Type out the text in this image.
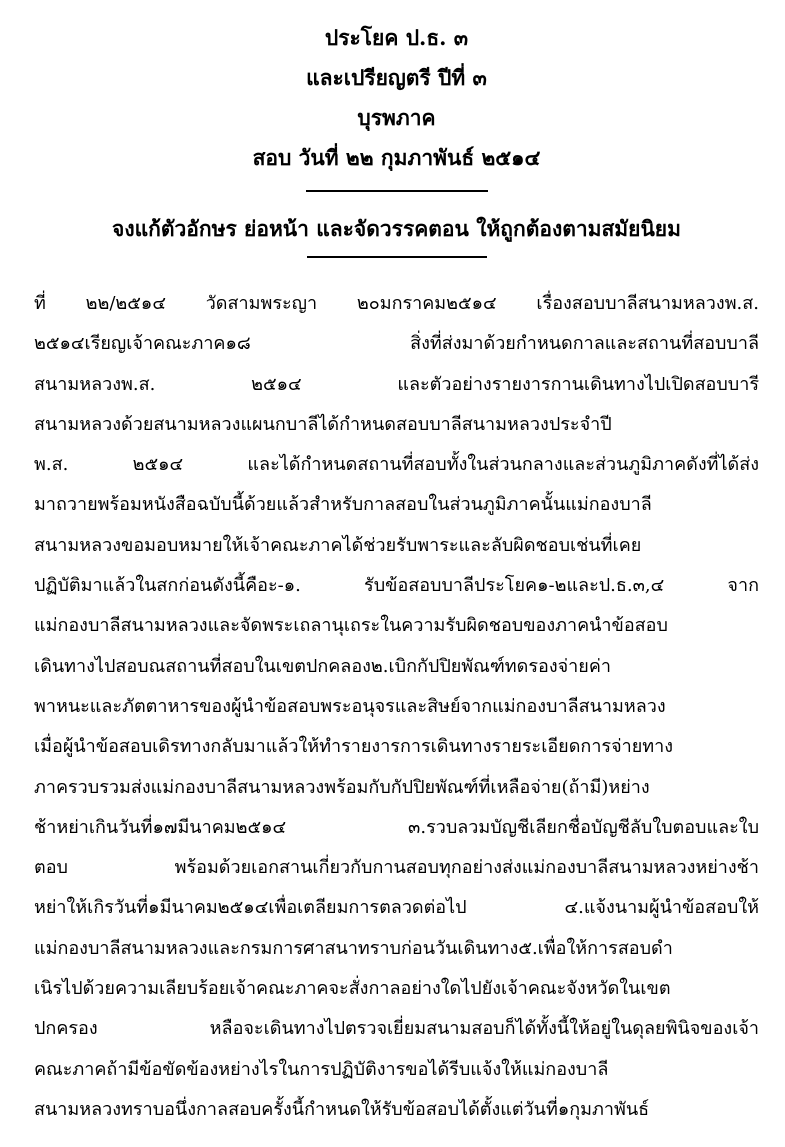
ประโยค ป.ธ. ๓
และเปรียญตรี ปีที่ ๓
บุรพภาค
สอบ วันที่ ๒๒ กุมภาพันธ์ ๒๕๑๔
จงแก้ตัวอักษร ย่อหน้า และจัดวรรคตอน ให้ถูกต้องตามสมัยนิยม
ที่ ๒๒/๒๕๑๔ วัดสามพระญา ๒๐มกราคม๒๕๑๔ เรื่องสอบบาลีสนามหลวงพ.ส.
๒๕๑๔เรียญเจ้าคณะภาค๑๘ สิ่งที่ส่งมาด้วยกำหนดกาลและสถานที่สอบบาลี
สนามหลวงพ.ส. ๒๕๑๔ และตัวอย่างรายงารกานเดินทางไปเปิดสอบบารี
สนามหลวงด้วยสนามหลวงแผนกบาลีได้กำหนดสอบบาลีสนามหลวงประจำปี
พ.ส. ๒๕๑๔ และได้กำหนดสถานที่สอบทั้งในส่วนกลางและส่วนภูมิภาคดังที่ได้ส่ง
มาถวายพร้อมหนังสือฉบับนี้ด้วยแล้วสำหรับกาลสอบในส่วนภูมิภาคนั้นแม่กองบาลี
สนามหลวงขอมอบหมายให้เจ้าคณะภาคได้ช่วยรับพาระและลับผิดชอบเช่นที่เคย
ปฏิบัติมาแล้วในสกก่อนดังนี้คือะ-๑. รับข้อสอบบาลีประโยค๑-๒และป.ธ.๓,๔ จาก
แม่กองบาลีสนามหลวงและจัดพระเถลานุเถระในความรับผิดชอบของภาคนำข้อสอบ
เดินทางไปสอบณสถานที่สอบในเขตปกคลอง๒.เบิกกัปปิยพัณฑ์ทดรองจ่ายค่า
พาหนะและภัตตาหารของผู้นำข้อสอบพระอนุจรและสิษย์จากแม่กองบาลีสนามหลวง
เมื่อผู้นำข้อสอบเดิรทางกลับมาแล้วให้ทำรายงารการเดินทางรายระเอียดการจ่ายทาง
ภาครวบรวมส่งแม่กองบาลีสนามหลวงพร้อมกับกัปปิยพัณฑ์ที่เหลือจ่าย(ถ้ามี)หย่าง
ช้าหย่าเกินวันที่๑๗มีนาคม๒๕๑๔ ๓.รวบลวมบัญชีเลียกชื่อบัญชีลับใบตอบและใบ
ตอบ พร้อมด้วยเอกสานเกี่ยวกับกานสอบทุกอย่างส่งแม่กองบาลีสนามหลวงหย่างช้า
หย่าให้เกิรวันที่๑มีนาคม๒๕๑๔เพื่อเตลียมการตลวดต่อไป ๔.แจ้งนามผู้นำข้อสอบให้
แม่กองบาลีสนามหลวงและกรมการศาสนาทราบก่อนวันเดินทาง๕.เพื่อให้การสอบดำ
เนิรไปด้วยความเลียบร้อยเจ้าคณะภาคจะสั่งกาลอย่างใดไปยังเจ้าคณะจังหวัดในเขต
ปกครอง หลือจะเดินทางไปตรวจเยี่ยมสนามสอบก็ได้ทั้งนี้ให้อยู่ในดุลยพินิจของเจ้า
คณะภาคถ้ามีข้อขัดข้องหย่างไรในการปฏิบัติงารขอได้รีบแจ้งให้แม่กองบาลี
สนามหลวงทราบอนึ่งกาลสอบครั้งนี้กำหนดให้รับข้อสอบได้ตั้งแต่วันที่๑กุมภาพันธ์
